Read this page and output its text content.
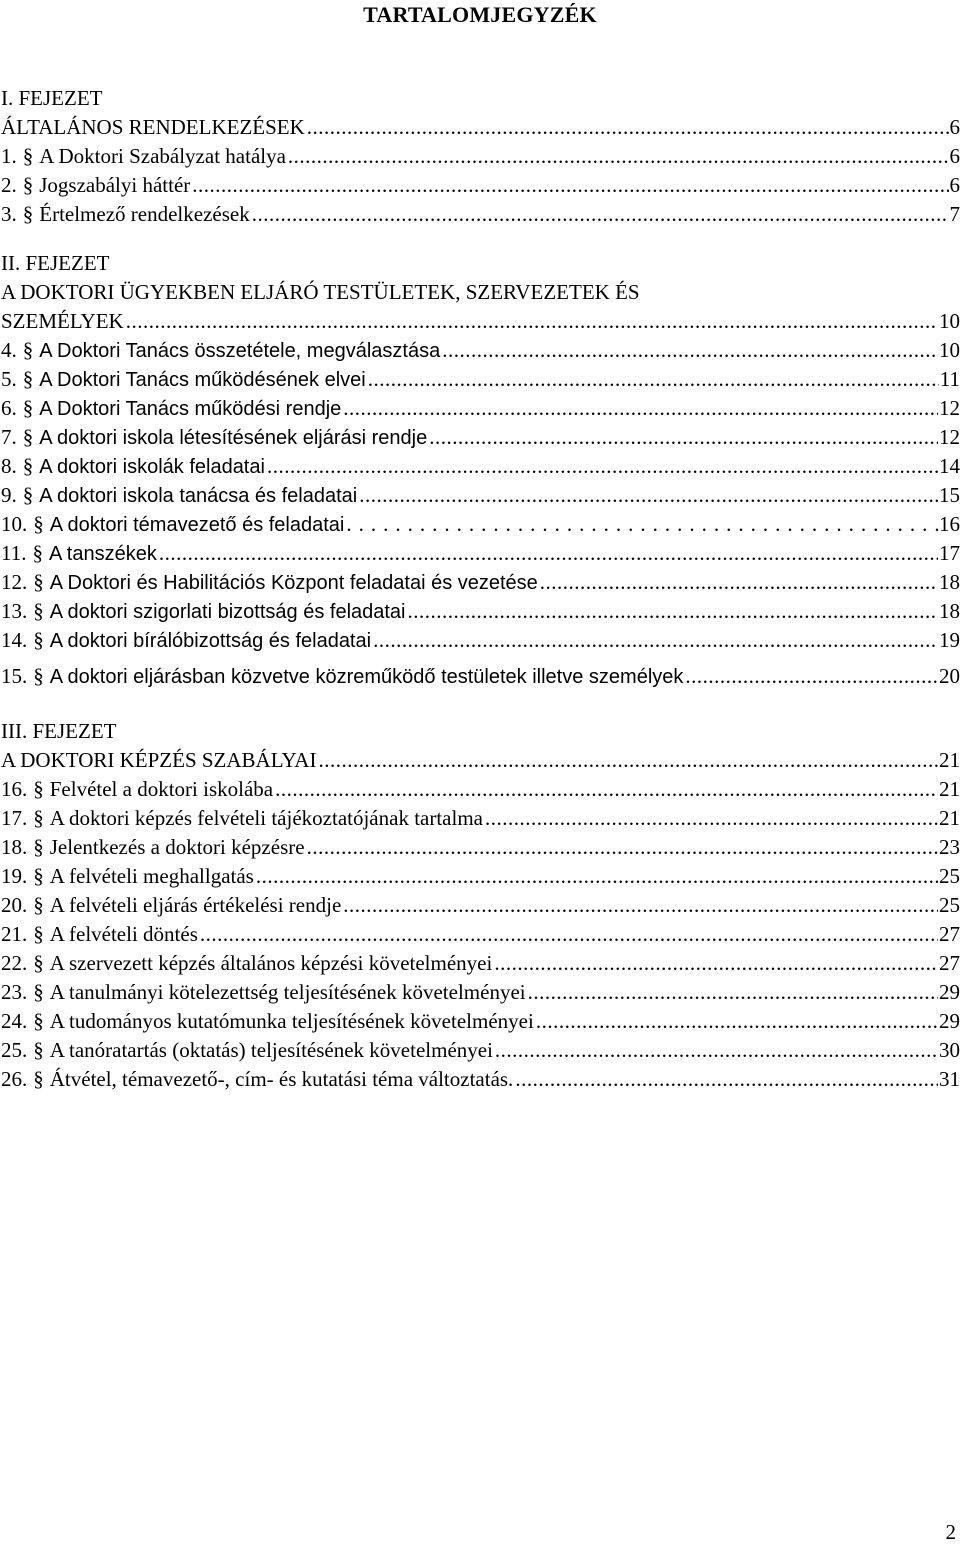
TARTALOMJEGYZÉK
I. FEJEZET
ÁLTALÁNOS RENDELKEZÉSEK .....	6
1. § A Doktori Szabályzat hatálya .....	6
2. § Jogszabályi háttér .....	6
3. § Értelmező rendelkezések .....	7
II. FEJEZET
A DOKTORI ÜGYEKBEN ELJÁRÓ TESTÜLETEK, SZERVEZETEK ÉS
SZEMÉLYEK .....	10
4. § A Doktori Tanács összetétele, megválasztása .....	10
5. § A Doktori Tanács működésének elvei .....	11
6. § A Doktori Tanács működési rendje .....	12
7. § A doktori iskola létesítésének eljárási rendje .....	12
8. § A doktori iskolák feladatai .....	14
9. § A doktori iskola tanácsa és feladatai .....	15
10. § A doktori témavezető és feladatai .....	16
11. § A tanszékek .....	17
12. § A Doktori és Habilitációs Központ feladatai és vezetése .....	18
13. § A doktori szigorlati bizottság és feladatai .....	18
14. § A doktori bírálóbizottság és feladatai .....	19
15. § A doktori eljárásban közvetve közreműködő testületek illetve személyek .....	20
III. FEJEZET
A DOKTORI KÉPZÉS SZABÁLYAI .....	21
16. § Felvétel a doktori iskolába .....	21
17. § A doktori képzés felvételi tájékoztatójának tartalma .....	21
18. § Jelentkezés a doktori képzésre .....	23
19. § A felvételi meghallgatás .....	25
20. § A felvételi eljárás értékelési rendje .....	25
21. § A felvételi döntés .....	27
22. § A szervezett képzés általános képzési követelményei .....	27
23. § A tanulmányi kötelezettség teljesítésének követelményei .....	29
24. § A tudományos kutatómunka teljesítésének követelményei .....	29
25. § A tanóratartás (oktatás) teljesítésének követelményei .....	30
26. § Átvétel, témavezető-, cím- és kutatási téma változtatás. .....	31
2
